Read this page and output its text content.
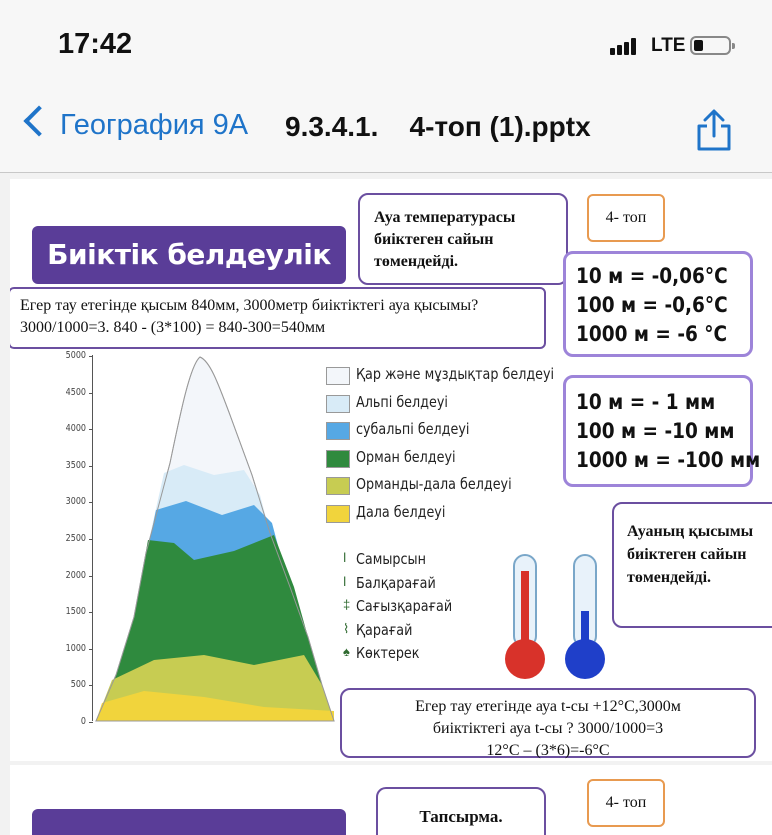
17:42	LTE
География 9А 9.3.4.1.    4-топ (1).pptx
Биіктік белдеулік
Ауа температурасы биіктеген сайын төмендейді.
4- топ
10 м = -0,06°С
100 м = -0,6°С
1000 м = -6 °С
Егер тау етегінде қысым 840мм, 3000метр биіктіктегі ауа қысымы? 3000/1000=3. 840 - (3*100) = 840-300=540мм
10 м = - 1 мм
100 м = -10 мм
1000 м = -100 мм
5000
4500
4000
3500
3000
2500
2000
1500
1000
500
0
Қар және мұздықтар белдеуі
Альпі белдеуі
субальпі белдеуі
Орман белдеуі
Орманды-дала белдеуі
Дала белдеуі
ǀ Самырсын
ǀ Балқарағай
‡ Сағызқарағай
⌇ Қарағай
♠ Көктерек
Ауаның қысымы биіктеген сайын төмендейді.
Егер тау етегінде ауа t-сы +12°С,3000м
биіктіктегі ауа t-сы ? 3000/1000=3
12°С – (3*6)=-6°С
Тапсырма.
4- топ
